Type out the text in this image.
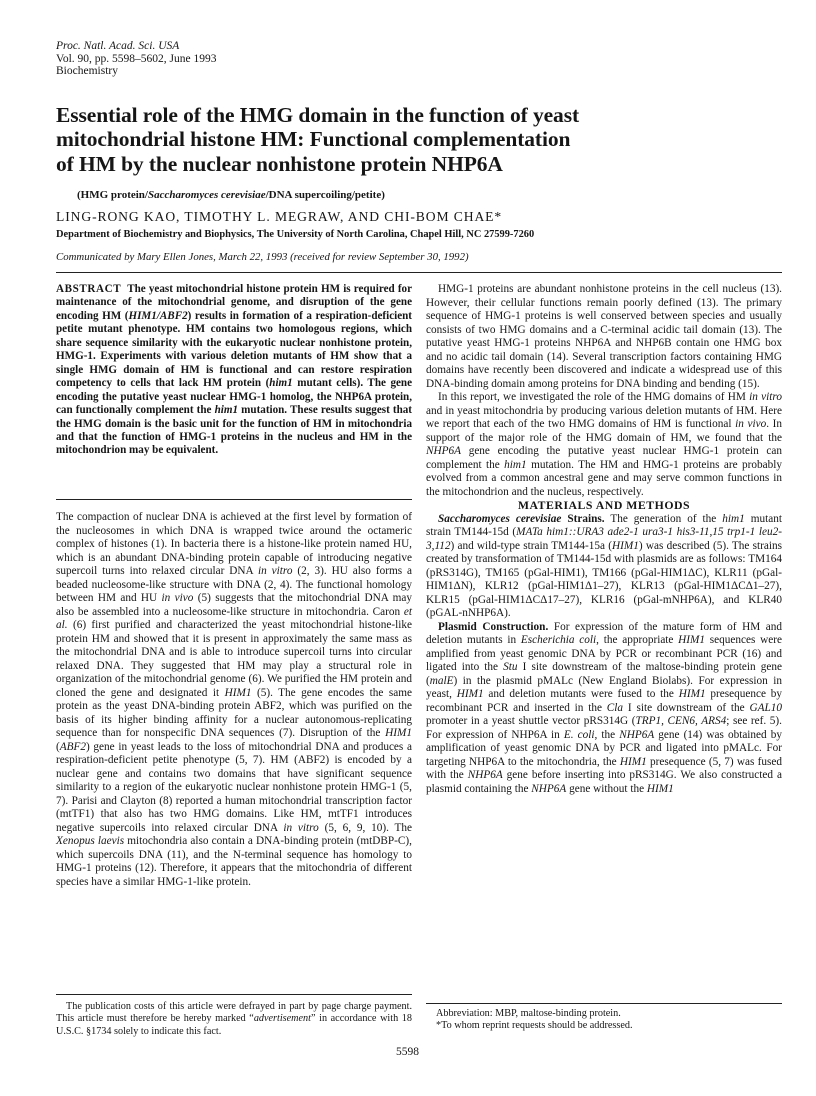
Proc. Natl. Acad. Sci. USA
Vol. 90, pp. 5598–5602, June 1993
Biochemistry
Essential role of the HMG domain in the function of yeast
mitochondrial histone HM: Functional complementation
of HM by the nuclear nonhistone protein NHP6A
(HMG protein/Saccharomyces cerevisiae/DNA supercoiling/petite)
LING-RONG KAO, TIMOTHY L. MEGRAW, AND CHI-BOM CHAE*
Department of Biochemistry and Biophysics, The University of North Carolina, Chapel Hill, NC 27599-7260
Communicated by Mary Ellen Jones, March 22, 1993 (received for review September 30, 1992)
ABSTRACT The yeast mitochondrial histone protein HM is required for maintenance of the mitochondrial genome, and disruption of the gene encoding HM (HIM1/ABF2) results in formation of a respiration-deficient petite mutant phenotype. HM contains two homologous regions, which share sequence similarity with the eukaryotic nuclear nonhistone protein, HMG-1. Experiments with various deletion mutants of HM show that a single HMG domain of HM is functional and can restore respiration competency to cells that lack HM protein (him1 mutant cells). The gene encoding the putative yeast nuclear HMG-1 homolog, the NHP6A protein, can functionally complement the him1 mutation. These results suggest that the HMG domain is the basic unit for the function of HM in mitochondria and that the function of HMG-1 proteins in the nucleus and HM in the mitochondrion may be equivalent.

The compaction of nuclear DNA is achieved at the first level by formation of the nucleosomes in which DNA is wrapped twice around the octameric complex of histones (1). In bacteria there is a histone-like protein named HU, which is an abundant DNA-binding protein capable of introducing negative supercoil turns into relaxed circular DNA in vitro (2, 3). HU also forms a beaded nucleosome-like structure with DNA (2, 4). The functional homology between HM and HU in vivo (5) suggests that the mitochondrial DNA may also be assembled into a nucleosome-like structure in mitochondria. Caron et al. (6) first purified and characterized the yeast mitochondrial histone-like protein HM and showed that it is present in approximately the same mass as the mitochondrial DNA and is able to introduce supercoil turns into circular relaxed DNA. They suggested that HM may play a structural role in organization of the mitochondrial genome (6). We purified the HM protein and cloned the gene and designated it HIM1 (5). The gene encodes the same protein as the yeast DNA-binding protein ABF2, which was purified on the basis of its higher binding affinity for a nuclear autonomous-replicating sequence than for nonspecific DNA sequences (7). Disruption of the HIM1 (ABF2) gene in yeast leads to the loss of mitochondrial DNA and produces a respiration-deficient petite phenotype (5, 7). HM (ABF2) is encoded by a nuclear gene and contains two domains that have significant sequence similarity to a region of the eukaryotic nuclear nonhistone protein HMG-1 (5, 7). Parisi and Clayton (8) reported a human mitochondrial transcription factor (mtTF1) that also has two HMG domains. Like HM, mtTF1 introduces negative supercoils into relaxed circular DNA in vitro (5, 6, 9, 10). The Xenopus laevis mitochondria also contain a DNA-binding protein (mtDBP-C), which supercoils DNA (11), and the N-terminal sequence has homology to HMG-1 proteins (12). Therefore, it appears that the mitochondria of different species have a similar HMG-1-like protein.

HMG-1 proteins are abundant nonhistone proteins in the cell nucleus (13). However, their cellular functions remain poorly defined (13). The primary sequence of HMG-1 proteins is well conserved between species and usually consists of two HMG domains and a C-terminal acidic tail domain (13). The putative yeast HMG-1 proteins NHP6A and NHP6B contain one HMG box and no acidic tail domain (14). Several transcription factors containing HMG domains have recently been discovered and indicate a widespread use of this DNA-binding domain among proteins for DNA binding and bending (15).

In this report, we investigated the role of the HMG domains of HM in vitro and in yeast mitochondria by producing various deletion mutants of HM. Here we report that each of the two HMG domains of HM is functional in vivo. In support of the major role of the HMG domain of HM, we found that the NHP6A gene encoding the putative yeast nuclear HMG-1 protein can complement the him1 mutation. The HM and HMG-1 proteins are probably evolved from a common ancestral gene and may serve common functions in the mitochondrion and the nucleus, respectively.

MATERIALS AND METHODS

Saccharomyces cerevisiae Strains. The generation of the him1 mutant strain TM144-15d (MATa him1::URA3 ade2-1 ura3-1 his3-11,15 trp1-1 leu2-3,112) and wild-type strain TM144-15a (HIM1) was described (5). The strains created by transformation of TM144-15d with plasmids are as follows: TM164 (pRS314G), TM165 (pGal-HIM1), TM166 (pGal-HIM1ΔC), KLR11 (pGal-HIM1ΔN), KLR12 (pGal-HIM1Δ1–27), KLR13 (pGal-HIM1ΔCΔ1–27), KLR15 (pGal-HIM1ΔCΔ17–27), KLR16 (pGal-mNHP6A), and KLR40 (pGAL-nNHP6A).

Plasmid Construction. For expression of the mature form of HM and deletion mutants in Escherichia coli, the appropriate HIM1 sequences were amplified from yeast genomic DNA by PCR or recombinant PCR (16) and ligated into the Stu I site downstream of the maltose-binding protein gene (malE) in the plasmid pMALc (New England Biolabs). For expression in yeast, HIM1 and deletion mutants were fused to the HIM1 presequence by recombinant PCR and inserted in the Cla I site downstream of the GAL10 promoter in a yeast shuttle vector pRS314G (TRP1, CEN6, ARS4; see ref. 5). For expression of NHP6A in E. coli, the NHP6A gene (14) was obtained by amplification of yeast genomic DNA by PCR and ligated into pMALc. For targeting NHP6A to the mitochondria, the HIM1 presequence (5, 7) was fused with the NHP6A gene before inserting into pRS314G. We also constructed a plasmid containing the NHP6A gene without the HIM1

The publication costs of this article were defrayed in part by page charge payment. This article must therefore be hereby marked “advertisement” in accordance with 18 U.S.C. §1734 solely to indicate this fact.

Abbreviation: MBP, maltose-binding protein.

*To whom reprint requests should be addressed.

5598
